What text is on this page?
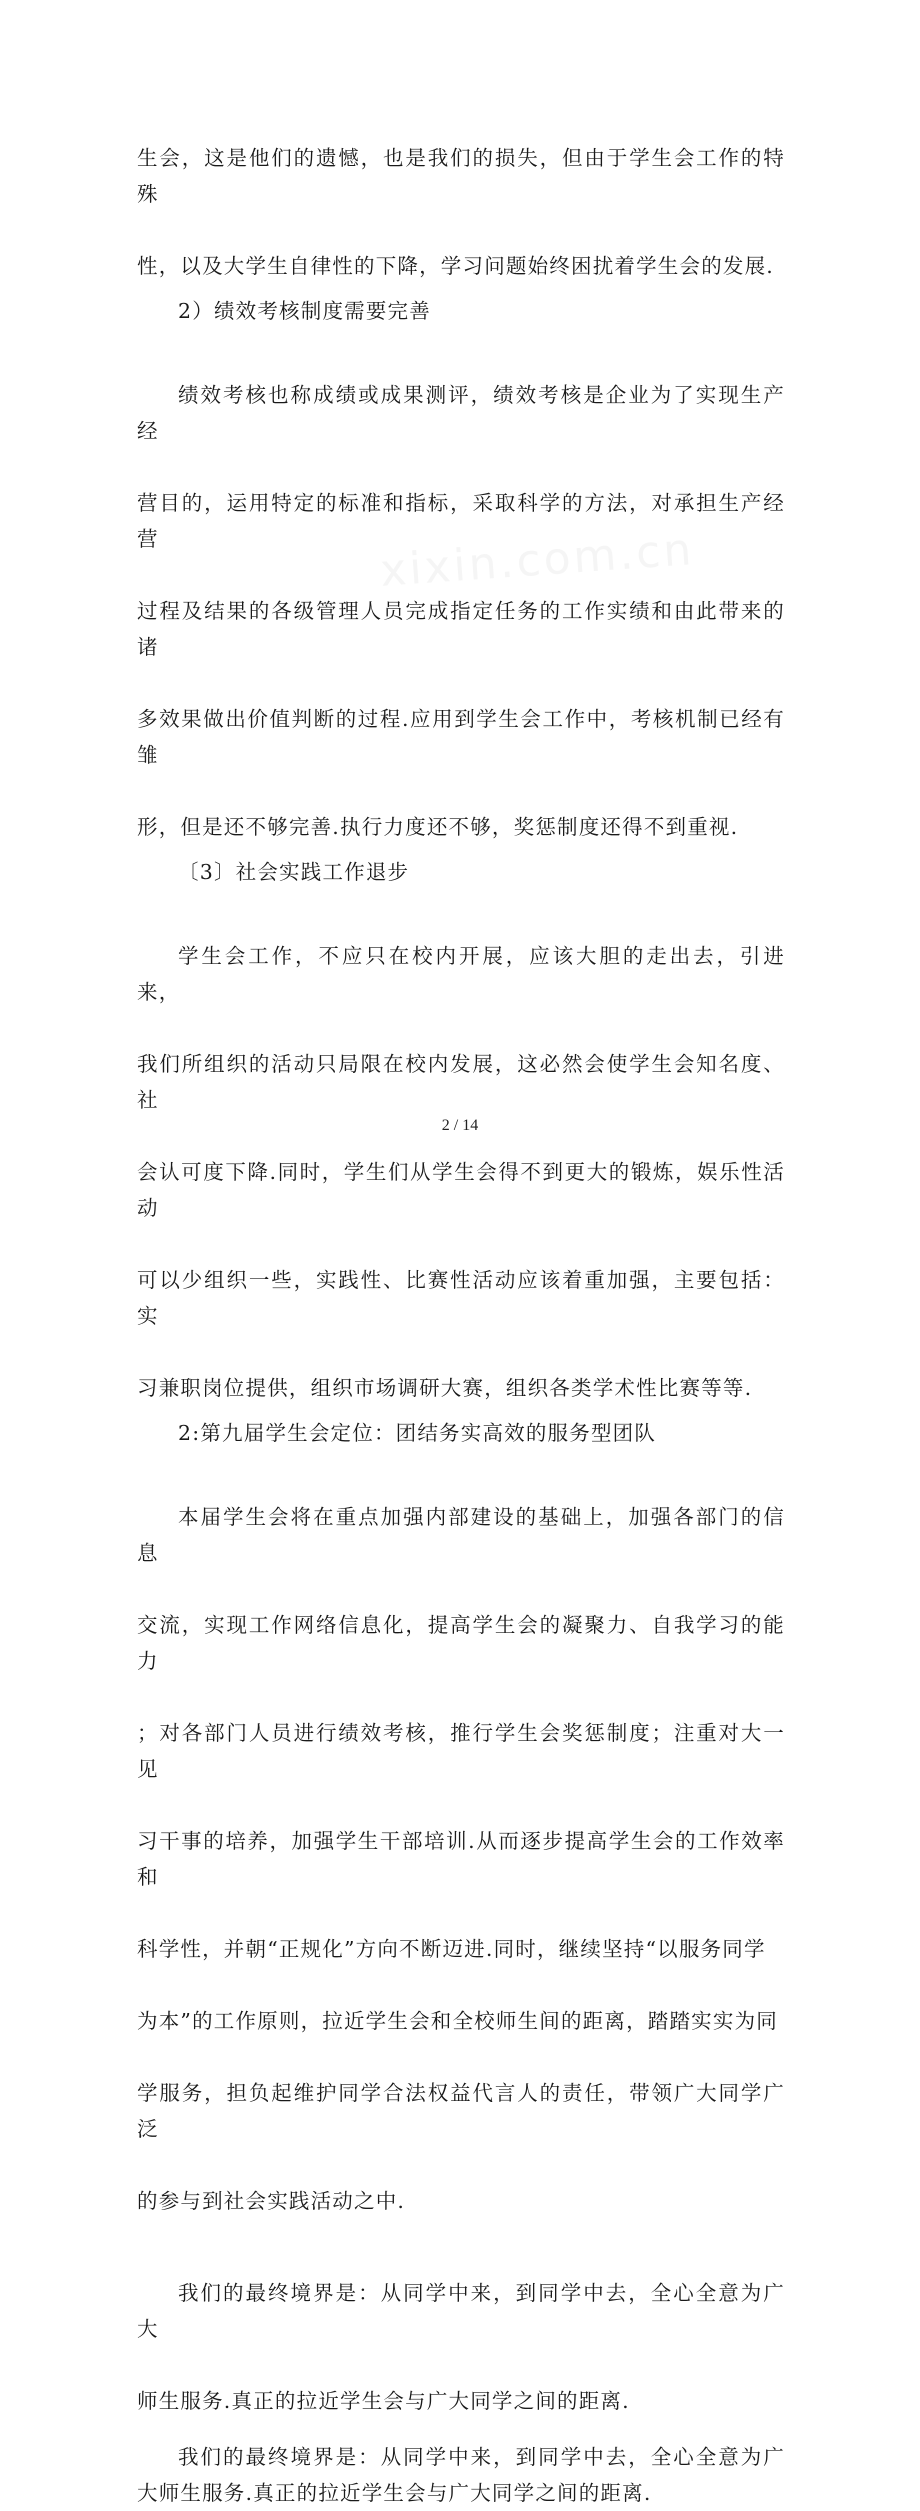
生会，这是他们的遗憾，也是我们的损失，但由于学生会工作的特殊

性，以及大学生自律性的下降，学习问题始终困扰着学生会的发展.

2）绩效考核制度需要完善

绩效考核也称成绩或成果测评，绩效考核是企业为了实现生产经

营目的，运用特定的标准和指标，采取科学的方法，对承担生产经营

过程及结果的各级管理人员完成指定任务的工作实绩和由此带来的诸

多效果做出价值判断的过程.应用到学生会工作中，考核机制已经有雏

形，但是还不够完善.执行力度还不够，奖惩制度还得不到重视.

〔3〕社会实践工作退步

学生会工作，不应只在校内开展，应该大胆的走出去，引进来，

我们所组织的活动只局限在校内发展，这必然会使学生会知名度、社

会认可度下降.同时，学生们从学生会得不到更大的锻炼，娱乐性活动

可以少组织一些，实践性、比赛性活动应该着重加强，主要包括：实

习兼职岗位提供，组织市场调研大赛，组织各类学术性比赛等等.

2:第九届学生会定位：团结务实高效的服务型团队

本届学生会将在重点加强内部建设的基础上，加强各部门的信息

交流，实现工作网络信息化，提高学生会的凝聚力、自我学习的能力

；对各部门人员进行绩效考核，推行学生会奖惩制度；注重对大一见

习干事的培养，加强学生干部培训.从而逐步提高学生会的工作效率和

科学性，并朝“正规化”方向不断迈进.同时，继续坚持“以服务同学

为本”的工作原则，拉近学生会和全校师生间的距离，踏踏实实为同

学服务，担负起维护同学合法权益代言人的责任，带领广大同学广泛

的参与到社会实践活动之中.

我们的最终境界是：从同学中来，到同学中去，全心全意为广大

师生服务.真正的拉近学生会与广大同学之间的距离.

我们的最终境界是：从同学中来，到同学中去，全心全意为广大师生服务.真正的拉近学生会与广大同学之间的距离.

xixin.com.cn
2 / 14
